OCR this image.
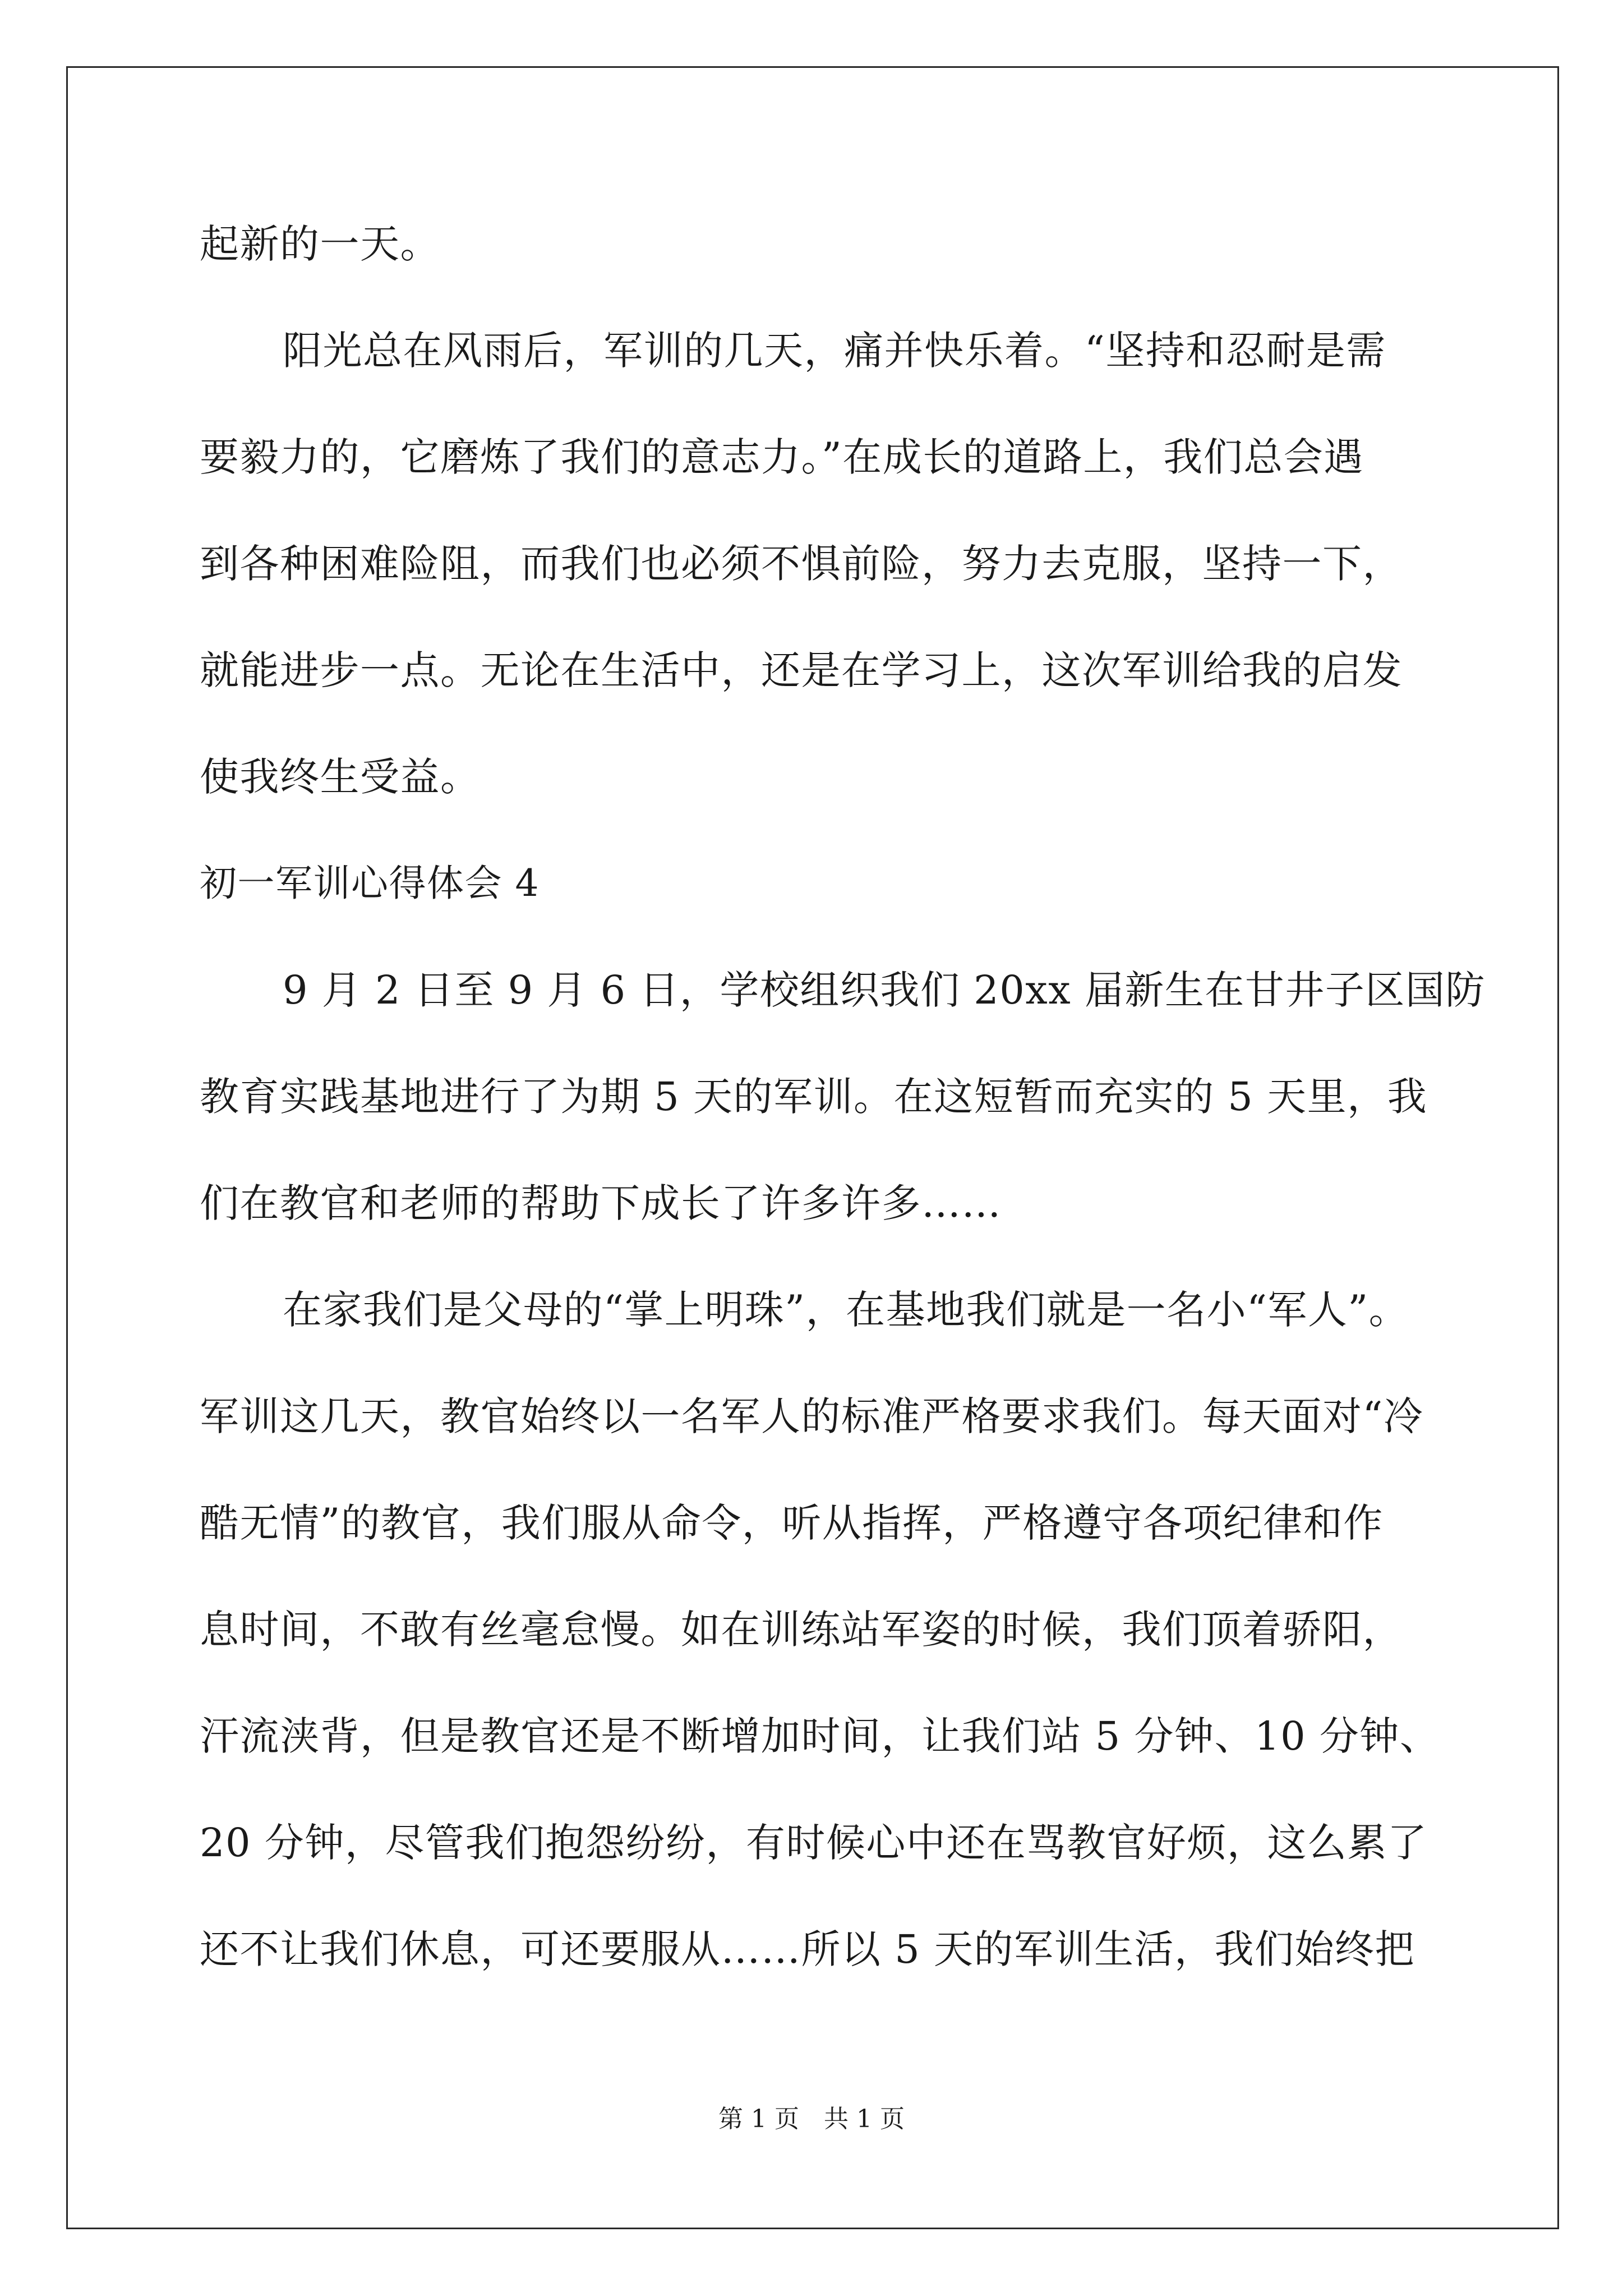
起新的一天。
阳光总在风雨后，军训的几天，痛并快乐着。“坚持和忍耐是需
要毅力的，它磨炼了我们的意志力。”在成长的道路上，我们总会遇
到各种困难险阻，而我们也必须不惧前险，努力去克服，坚持一下，
就能进步一点。无论在生活中，还是在学习上，这次军训给我的启发
使我终生受益。
初一军训心得体会 4
9 月 2 日至 9 月 6 日，学校组织我们 20xx 届新生在甘井子区国防
教育实践基地进行了为期 5 天的军训。在这短暂而充实的 5 天里，我
们在教官和老师的帮助下成长了许多许多……
在家我们是父母的“掌上明珠”，在基地我们就是一名小“军人”。
军训这几天，教官始终以一名军人的标准严格要求我们。每天面对“冷
酷无情”的教官，我们服从命令，听从指挥，严格遵守各项纪律和作
息时间，不敢有丝毫怠慢。如在训练站军姿的时候，我们顶着骄阳，
汗流浃背，但是教官还是不断增加时间，让我们站 5 分钟、10 分钟、
20 分钟，尽管我们抱怨纷纷，有时候心中还在骂教官好烦，这么累了
还不让我们休息，可还要服从……所以 5 天的军训生活，我们始终把
第 1 页　共 1 页
